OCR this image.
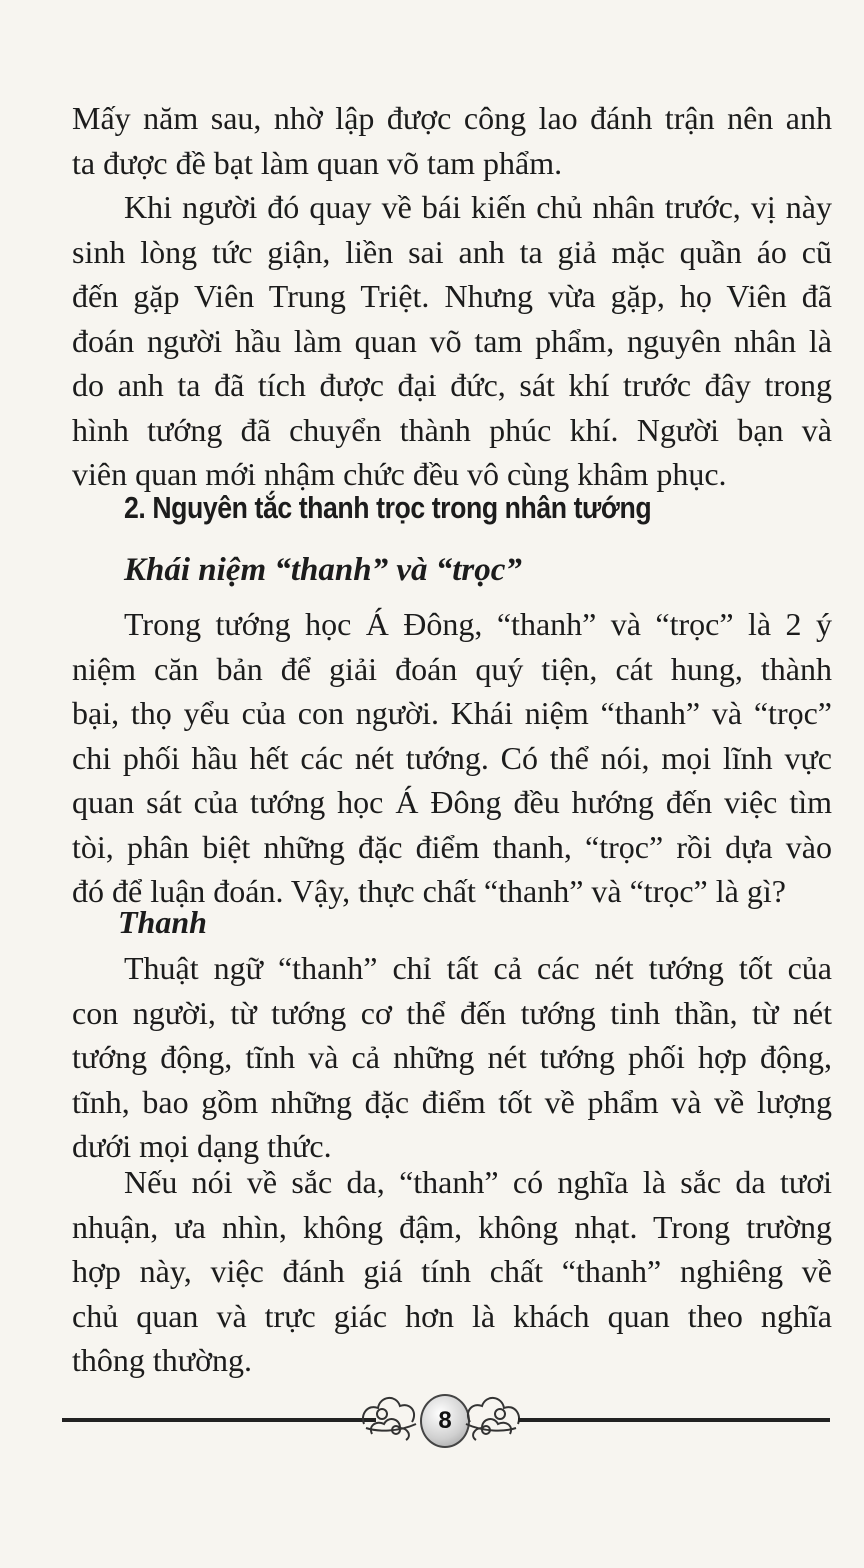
Mấy năm sau, nhờ lập được công lao đánh trận nên anh
ta được đề bạt làm quan võ tam phẩm.
Khi người đó quay về bái kiến chủ nhân trước, vị này
sinh lòng tức giận, liền sai anh ta giả mặc quần áo cũ
đến gặp Viên Trung Triệt. Nhưng vừa gặp, họ Viên đã
đoán người hầu làm quan võ tam phẩm, nguyên nhân là
do anh ta đã tích được đại đức, sát khí trước đây trong
hình tướng đã chuyển thành phúc khí. Người bạn và
viên quan mới nhậm chức đều vô cùng khâm phục.
2. Nguyên tắc thanh trọc trong nhân tướng
Khái niệm “thanh” và “trọc”
Trong tướng học Á Đông, “thanh” và “trọc” là 2 ý
niệm căn bản để giải đoán quý tiện, cát hung, thành
bại, thọ yểu của con người. Khái niệm “thanh” và “trọc”
chi phối hầu hết các nét tướng. Có thể nói, mọi lĩnh vực
quan sát của tướng học Á Đông đều hướng đến việc tìm
tòi, phân biệt những đặc điểm thanh, “trọc” rồi dựa vào
đó để luận đoán. Vậy, thực chất “thanh” và “trọc” là gì?
Thanh
Thuật ngữ “thanh” chỉ tất cả các nét tướng tốt của
con người, từ tướng cơ thể đến tướng tinh thần, từ nét
tướng động, tĩnh và cả những nét tướng phối hợp động,
tĩnh, bao gồm những đặc điểm tốt về phẩm và về lượng
dưới mọi dạng thức.
Nếu nói về sắc da, “thanh” có nghĩa là sắc da tươi
nhuận, ưa nhìn, không đậm, không nhạt. Trong trường
hợp này, việc đánh giá tính chất “thanh” nghiêng về
chủ quan và trực giác hơn là khách quan theo nghĩa
thông thường.
8
